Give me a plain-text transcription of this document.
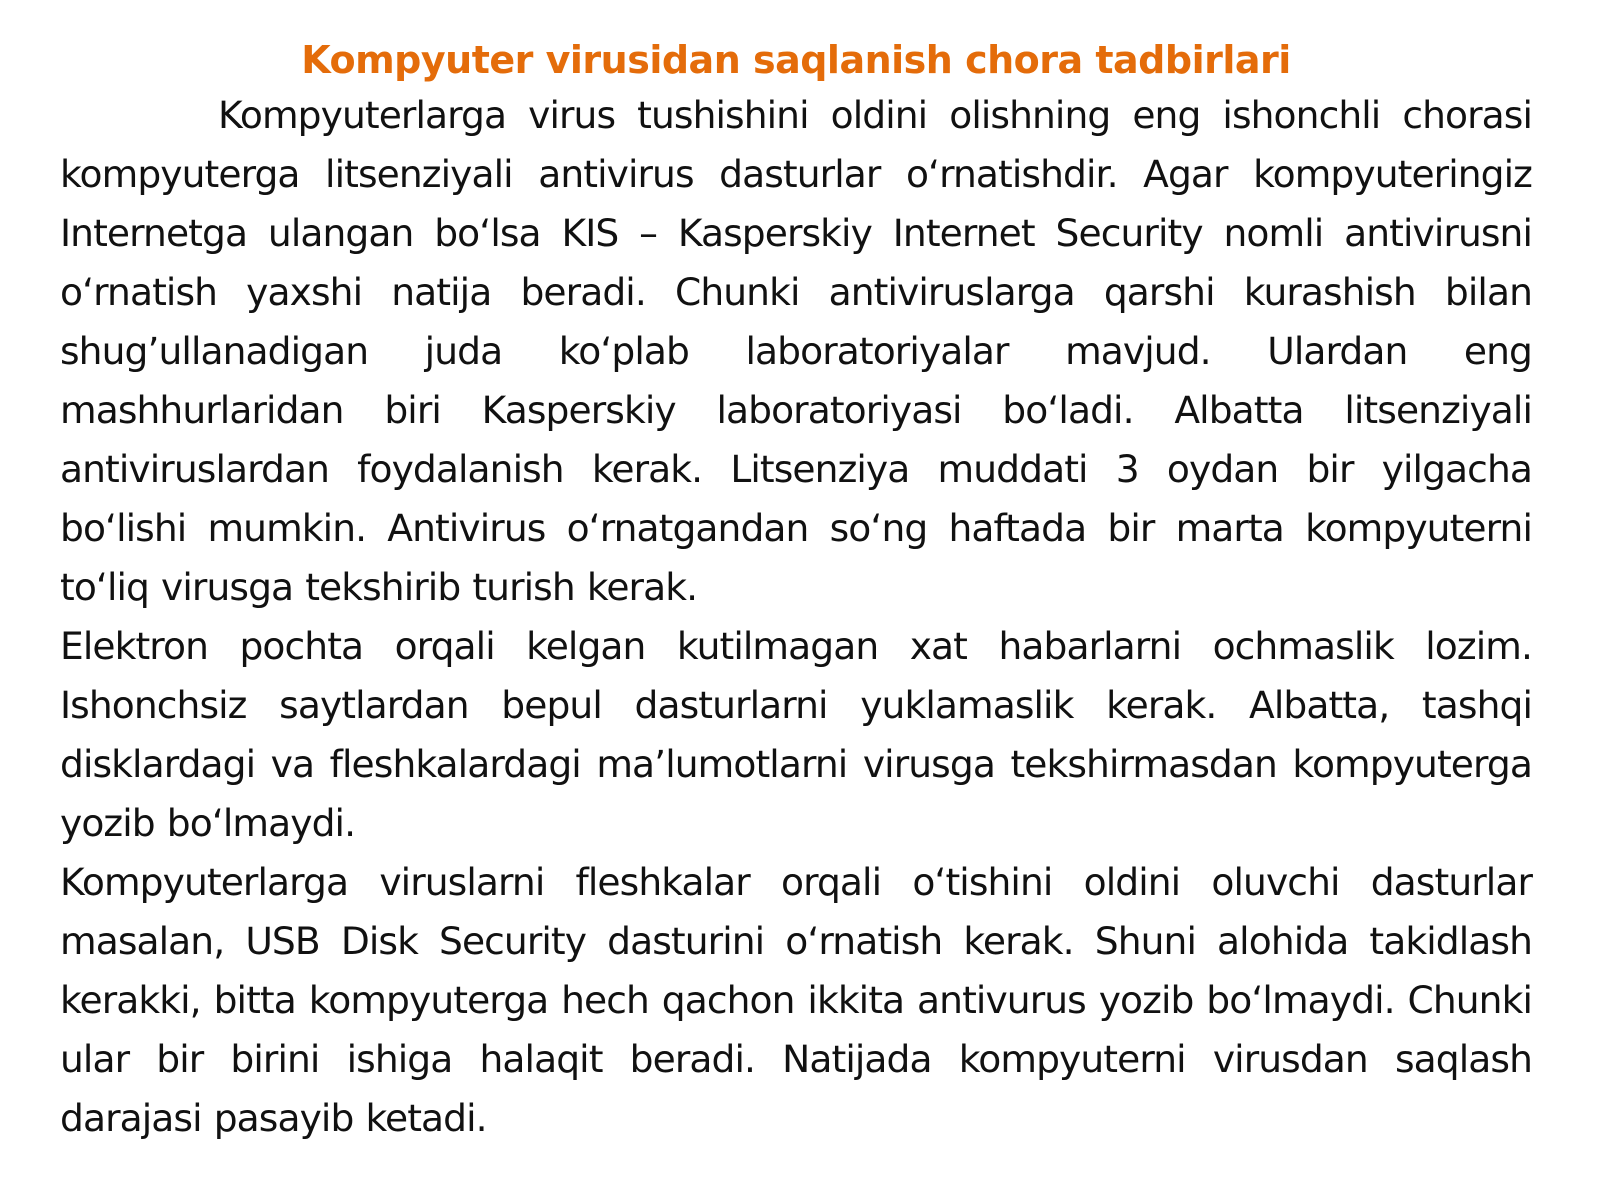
Kompyuter virusidan saqlanish chora tadbirlari

Kompyuterlarga virus tushishini oldini olishning eng ishonchli chorasi kompyuterga litsenziyali antivirus dasturlar oʻrnatishdir. Agar kompyuteringiz Internetga ulangan boʻlsa KIS – Kasperskiy Internet Security nomli antivirusni oʻrnatish yaxshi natija beradi. Chunki antiviruslarga qarshi kurashish bilan shug’ullanadigan juda koʻplab laboratoriyalar mavjud. Ulardan eng mashhurlaridan biri Kasperskiy laboratoriyasi boʻladi. Albatta litsenziyali antiviruslardan foydalanish kerak. Litsenziya muddati 3 oydan bir yilgacha boʻlishi mumkin. Antivirus oʻrnatgandan soʻng haftada bir marta kompyuterni toʻliq virusga tekshirib turish kerak.

Elektron pochta orqali kelgan kutilmagan xat habarlarni ochmaslik lozim. Ishonchsiz saytlardan bepul dasturlarni yuklamaslik kerak. Albatta, tashqi disklardagi va fleshkalardagi ma’lumotlarni virusga tekshirmasdan kompyuterga yozib boʻlmaydi.

Kompyuterlarga viruslarni fleshkalar orqali oʻtishini oldini oluvchi dasturlar masalan, USB Disk Security dasturini oʻrnatish kerak. Shuni alohida takidlash kerakki, bitta kompyuterga hech qachon ikkita antivurus yozib boʻlmaydi. Chunki ular bir birini ishiga halaqit beradi. Natijada kompyuterni virusdan saqlash darajasi pasayib ketadi.
